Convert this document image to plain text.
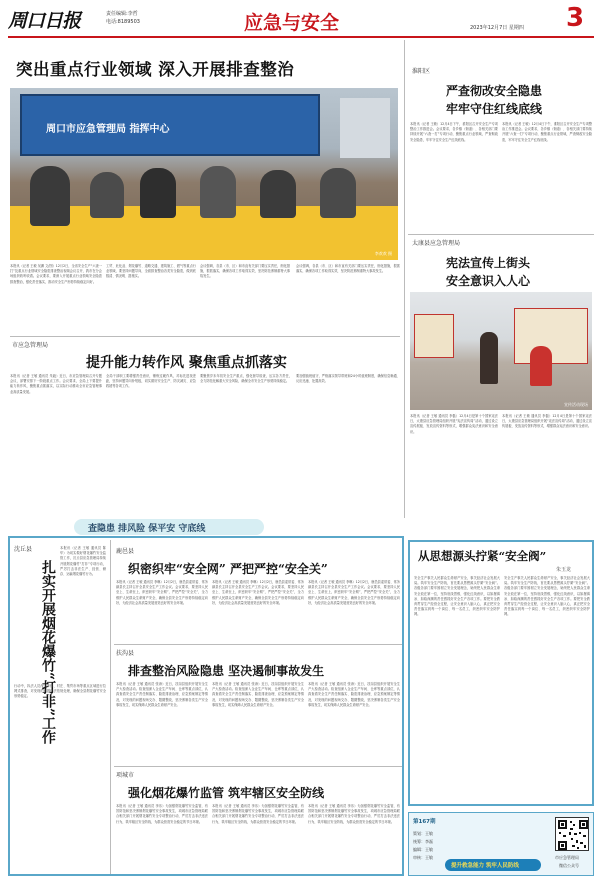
周口日报	责任编辑:李哲
电话:8189503	应急与安全	2023年12月7日 星期四 3
突出重点行业领域 深入开展排查整治
周口市应急管理局 指挥中心
李欢欢 摄
本报讯（记者 王敏 吴渊 文/图）12月2日，全省安全生产“六查一打”及重点行业领域安全隐患排查整治视频会议召开，我市在分会场组织收听收看。会议要求，要深入开展重点行业领域安全隐患排查整治，强化责任落实，推动安全生产形势持续稳定向好。
工贸、危化品、烟花爆竹、道路交通、建筑施工、燃气等重点行业领域，要坚持问题导向，全面排查整治各类安全隐患，做到底数清、情况明、措施实。
会议强调，各县（市、区）和市直有关部门要压实责任，细化措施，狠抓落实，确保各项工作取得实效，坚决防范遏制重特大事故发生。
会议强调，各县（市、区）和市直有关部门要压实责任，细化措施，狠抓落实，确保各项工作取得实效，坚决防范遏制重特大事故发生。
市应急管理局
提升能力转作风 聚焦重点抓落实
本报讯（记者 王敏 通讯员 朱毅）近日，市应急管理局召开专题会议，部署安排下一阶段重点工作。会议要求，全局上下要提升能力转作风，聚焦重点抓落实，以实际行动推动全市应急管理事业高质量发展。
全局干部职工要增强责任意识，锤炼过硬作风，对标先进找差距，坚持问题导向补短板，切实做好安全生产、防灾减灾、应急救援等各项工作。
要聚焦岁末年初安全生产重点，强化督导检查，压实各方责任，全力防范化解重大安全风险，确保全市安全生产形势持续稳定。
要加强值班值守，严格落实领导带班和24小时值班制度，确保信息畅通、反应迅速、处置高效。
淮阳区
严查彻改安全隐患
牢牢守住红线底线
本报讯（记者 王敏）12月4日下午，淮阳区召开安全生产专项整治工作推进会。会议要求，各乡镇（街道）、各相关部门要持续开展“六查一打”专项行动，聚焦重点行业领域，严查彻改安全隐患，牢牢守住安全生产红线底线。
本报讯（记者 王敏）12月4日下午，淮阳区召开安全生产专项整治工作推进会。会议要求，各乡镇（街道）、各相关部门要持续开展“六查一打”专项行动，聚焦重点行业领域，严查彻改安全隐患，牢牢守住安全生产红线底线。
太康县应急管理局
宪法宣传上街头
安全意识入人心
宣传活动现场
本报讯（记者 王敏 通讯员 李磊）12月4日是第十个国家宪法日，太康县应急管理局组织开展“宪法宣传周”活动，通过设立宣传展板、发放宣传资料等形式，增强群众宪法意识和安全意识。
本报讯（记者 王敏 通讯员 李磊）12月4日是第十个国家宪法日，太康县应急管理局组织开展“宪法宣传周”活动，通过设立宣传展板、发放宣传资料等形式，增强群众宪法意识和安全意识。
查隐患 排风险 保平安 守底线
沈丘县
扎实开展烟花爆竹“打非”工作
本报讯（记者 王敏 通讯员 陈华）为切实做好烟花爆竹安全监管工作，沈丘县应急管理局持续开展烟花爆竹“打非”专项行动，严厉打击非法生产、经营、储存、运输烟花爆竹行为。
行动中，执法人员深入乡镇、村庄、集贸市场等重点区域进行拉网式排查，对发现的问题依法依规处理，确保全县烟花爆竹安全形势稳定。
鹿邑县
织密织牢“安全网” 严把严控“安全关”
本报讯（记者 王敏 通讯员 李琳）12月2日，鹿邑县委常委、常务副县长主持召开全县安全生产工作会议。会议要求，要坚持人民至上、生命至上，织密织牢“安全网”，严把严控“安全关”，全力维护人民群众生命财产安全，确保全县安全生产形势持续稳定向好，为经济社会高质量发展营造良好的安全环境。
本报讯（记者 王敏 通讯员 李琳）12月2日，鹿邑县委常委、常务副县长主持召开全县安全生产工作会议。会议要求，要坚持人民至上、生命至上，织密织牢“安全网”，严把严控“安全关”，全力维护人民群众生命财产安全，确保全县安全生产形势持续稳定向好，为经济社会高质量发展营造良好的安全环境。
本报讯（记者 王敏 通讯员 李琳）12月2日，鹿邑县委常委、常务副县长主持召开全县安全生产工作会议。会议要求，要坚持人民至上、生命至上，织密织牢“安全网”，严把严控“安全关”，全力维护人民群众生命财产安全，确保全县安全生产形势持续稳定向好，为经济社会高质量发展营造良好的安全环境。
扶沟县
排查整治风险隐患 坚决遏制事故发生
本报讯（记者 王敏 通讯员 张涛）近日，扶沟县组织开展安全生产大检查活动。检查组深入企业生产车间、仓库等重点部位，认真查看安全生产责任制落实、隐患排查治理、应急预案制定等情况，对发现的问题现场交办、限期整改，坚决遏制各类生产安全事故发生，切实保障人民群众生命财产安全。
本报讯（记者 王敏 通讯员 张涛）近日，扶沟县组织开展安全生产大检查活动。检查组深入企业生产车间、仓库等重点部位，认真查看安全生产责任制落实、隐患排查治理、应急预案制定等情况，对发现的问题现场交办、限期整改，坚决遏制各类生产安全事故发生，切实保障人民群众生命财产安全。
本报讯（记者 王敏 通讯员 张涛）近日，扶沟县组织开展安全生产大检查活动。检查组深入企业生产车间、仓库等重点部位，认真查看安全生产责任制落实、隐患排查治理、应急预案制定等情况，对发现的问题现场交办、限期整改，坚决遏制各类生产安全事故发生，切实保障人民群众生命财产安全。
项城市
强化烟花爆竹监管 筑牢辖区安全防线
本报讯（记者 王敏 通讯员 李乐）为加强烟花爆竹安全监管，有效防范和坚决遏制烟花爆竹安全事故发生，项城市应急管理局联合相关部门开展烟花爆竹安全专项整治行动，严厉打击非法违法行为，筑牢辖区安全防线，为群众营造安全稳定的节日环境。
本报讯（记者 王敏 通讯员 李乐）为加强烟花爆竹安全监管，有效防范和坚决遏制烟花爆竹安全事故发生，项城市应急管理局联合相关部门开展烟花爆竹安全专项整治行动，严厉打击非法违法行为，筑牢辖区安全防线，为群众营造安全稳定的节日环境。
本报讯（记者 王敏 通讯员 李乐）为加强烟花爆竹安全监管，有效防范和坚决遏制烟花爆竹安全事故发生，项城市应急管理局联合相关部门开展烟花爆竹安全专项整治行动，严厉打击非法违法行为，筑牢辖区安全防线，为群众营造安全稳定的节日环境。
从思想源头拧紧“安全阀”
朱玉龙
安全生产事关人民群众生命财产安全，事关经济社会发展大局。筑牢安全生产防线，首先要从思想源头拧紧“安全阀”。各级各部门要牢固树立安全发展理念，始终把人民群众生命安全放在第一位，坚持底线思维，强化红线意识，以如履薄冰、如临深渊的责任感抓好安全生产各项工作。要把安全教育贯穿生产经营全过程，让安全意识入脑入心，真正把安全责任落实到每一个岗位、每一名员工，织密织牢安全防护网。
安全生产事关人民群众生命财产安全，事关经济社会发展大局。筑牢安全生产防线，首先要从思想源头拧紧“安全阀”。各级各部门要牢固树立安全发展理念，始终把人民群众生命安全放在第一位，坚持底线思维，强化红线意识，以如履薄冰、如临深渊的责任感抓好安全生产各项工作。要把安全教育贯穿生产经营全过程，让安全意识入脑入心，真正把安全责任落实到每一个岗位、每一名员工，织密织牢安全防护网。
第167期
策划：王敏
统筹：李磊
编辑：王敏
审核：王敏
提升救急能力 筑牢人民防线
市应急管理局
微信公众号
